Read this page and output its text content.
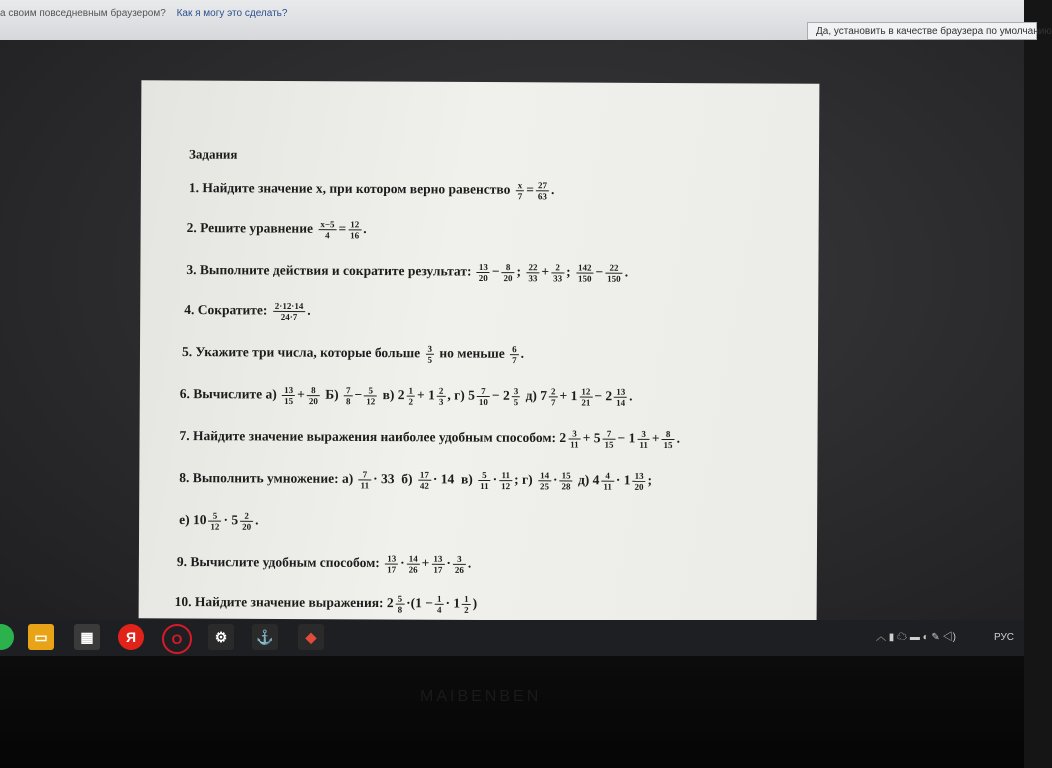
а своим повседневным браузером? Как я могу это сделать?
Да, установить в качестве браузера по умолчанию
Задания
1. Найдите значение x, при котором верно равенство $\frac{x}{7} = \frac{27}{63}$ .
2. Решите уравнение $\frac{x-5}{4} = \frac{12}{16}$ .
3. Выполните действия и сократите результат: $\frac{13}{20} - \frac{8}{20}$ ; $\frac{22}{33} + \frac{2}{33}$ ; $\frac{142}{150} - \frac{22}{150}$ .
4. Сократите: $\frac{2\cdot 12\cdot 14}{24\cdot 7}$ .
5. Укажите три числа, которые больше $\frac{3}{5}$ но меньше $\frac{6}{7}$ .
6. Вычислите $а) \frac{13}{15} + \frac{8}{20} Б) \frac{7}{8} - \frac{5}{12} в$) $2 \frac{1}{2} + 1 \frac{2}{3}$ , г) $5 \frac{7}{10} - 2 \frac{3}{5} д$) $7 \frac{2}{7} + 1 \frac{12}{21} - 2 \frac{13}{14}$ .
7. Найдите значение выражения наиболее удобным способом: $2 \frac{3}{11} + 5 \frac{7}{15} - 1 \frac{3}{11} + \frac{8}{15}$ .
8. Выполнить умножение: $а) \frac{7}{11} \cdot 33$  $б) \frac{17}{42} \cdot 14$  $в) \frac{5}{11} \cdot \frac{11}{12}$ ; $г) \frac{14}{25} \cdot \frac{15}{28} д$) $4 \frac{4}{11} \cdot 1 \frac{13}{20}$ ;
е) $10 \frac{5}{12} \cdot 5 \frac{2}{20}$ .
9. Вычислите удобным способом: $\frac{13}{17} \cdot \frac{14}{26} + \frac{13}{17} \cdot \frac{3}{26}$ .
10. Найдите значение выражения: $2 \frac{5}{8} \cdot(1 - \frac{1}{4} \cdot 1 \frac{1}{2}$ )
▭	▦	Я	O	⚙	⚓	◆	︿ ▮ ☁ ▬ ◐ ✎ ◁)	РУС
MAIBENBEN
